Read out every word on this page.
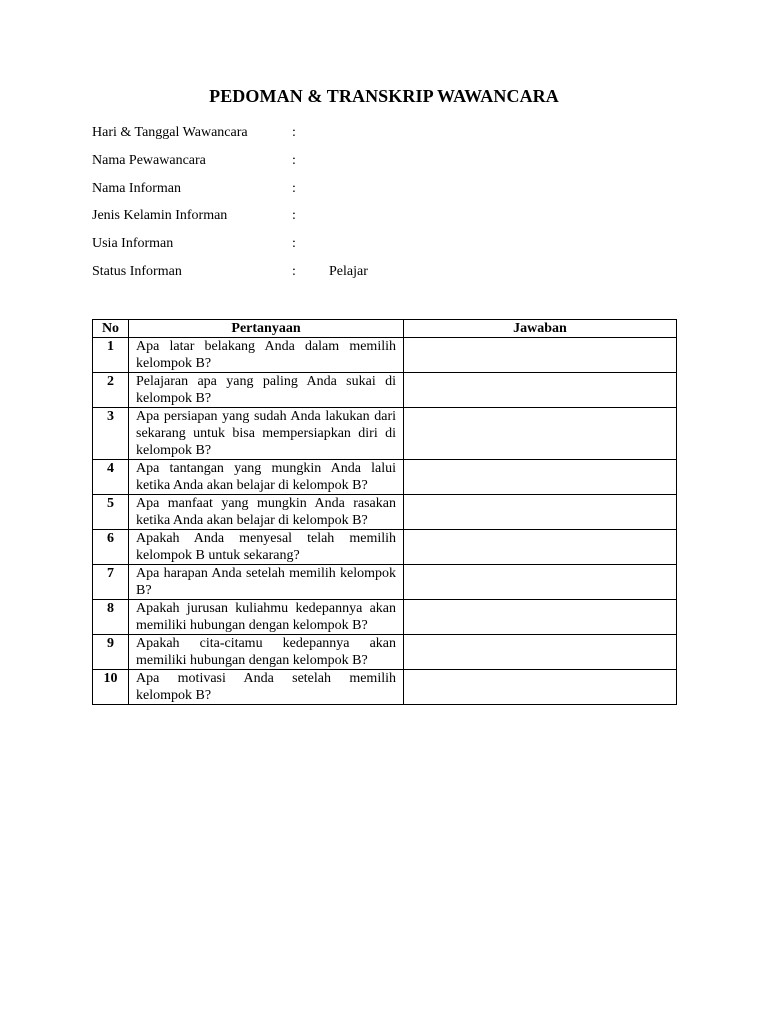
PEDOMAN & TRANSKRIP WAWANCARA
Hari & Tanggal Wawancara	:
Nama Pewawancara	:
Nama Informan	:
Jenis Kelamin Informan	:
Usia Informan	:
Status Informan	: Pelajar
No	Pertanyaan	Jawaban
1	Apa latar belakang Anda dalam memilih kelompok B?	
2	Pelajaran apa yang paling Anda sukai di kelompok B?	
3	Apa persiapan yang sudah Anda lakukan dari sekarang untuk bisa mempersiapkan diri di kelompok B?	
4	Apa tantangan yang mungkin Anda lalui ketika Anda akan belajar di kelompok B?	
5	Apa manfaat yang mungkin Anda rasakan ketika Anda akan belajar di kelompok B?	
6	Apakah Anda menyesal telah memilih kelompok B untuk sekarang?	
7	Apa harapan Anda setelah memilih kelompok B?	
8	Apakah jurusan kuliahmu kedepannya akan memiliki hubungan dengan kelompok B?	
9	Apakah cita-citamu kedepannya akan memiliki hubungan dengan kelompok B?	
10	Apa motivasi Anda setelah memilih kelompok B?	
